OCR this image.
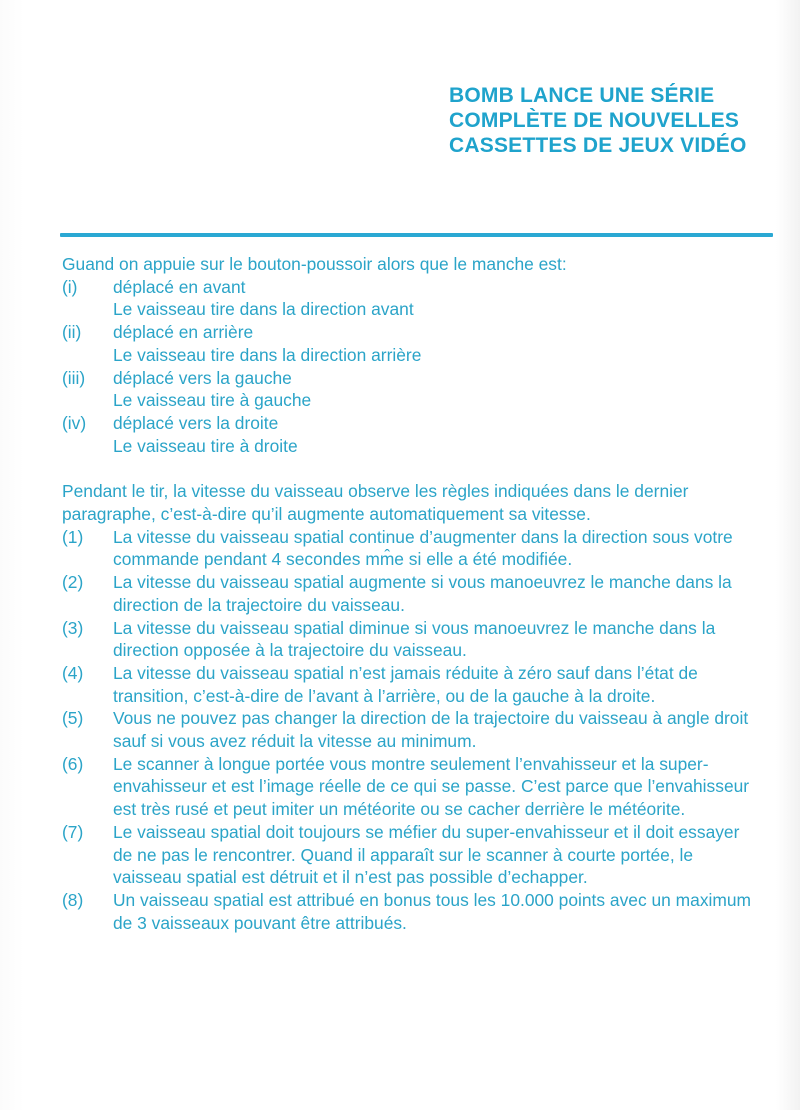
BOMB LANCE UNE SÉRIE
COMPLÈTE DE NOUVELLES
CASSETTES DE JEUX VIDÉO
Guand on appuie sur le bouton-poussoir alors que le manche est:
(i)	déplacé en avant
Le vaisseau tire dans la direction avant
(ii)	déplacé en arrière
Le vaisseau tire dans la direction arrière
(iii)	déplacé vers la gauche
Le vaisseau tire à gauche
(iv)	déplacé vers la droite
Le vaisseau tire à droite
Pendant le tir, la vitesse du vaisseau observe les règles indiquées dans le dernier paragraphe, c’est-à-dire qu’il augmente automatiquement sa vitesse.
(1)	La vitesse du vaisseau spatial continue d’augmenter dans la direction sous votre commande pendant 4 secondes mm̂e si elle a été modifiée.
(2)	La vitesse du vaisseau spatial augmente si vous manoeuvrez le manche dans la direction de la trajectoire du vaisseau.
(3)	La vitesse du vaisseau spatial diminue si vous manoeuvrez le manche dans la direction opposée à la trajectoire du vaisseau.
(4)	La vitesse du vaisseau spatial n’est jamais réduite à zéro sauf dans l’état de transition, c’est-à-dire de l’avant à l’arrière, ou de la gauche à la droite.
(5)	Vous ne pouvez pas changer la direction de la trajectoire du vaisseau à angle droit sauf si vous avez réduit la vitesse au minimum.
(6)	Le scanner à longue portée vous montre seulement l’envahisseur et la super-envahisseur et est l’image réelle de ce qui se passe. C’est parce que l’envahisseur est très rusé et peut imiter un météorite ou se cacher derrière le météorite.
(7)	Le vaisseau spatial doit toujours se méfier du super-envahisseur et il doit essayer de ne pas le rencontrer. Quand il apparaît sur le scanner à courte portée, le vaisseau spatial est détruit et il n’est pas possible d’echapper.
(8)	Un vaisseau spatial est attribué en bonus tous les 10.000 points avec un maximum de 3 vaisseaux pouvant être attribués.
